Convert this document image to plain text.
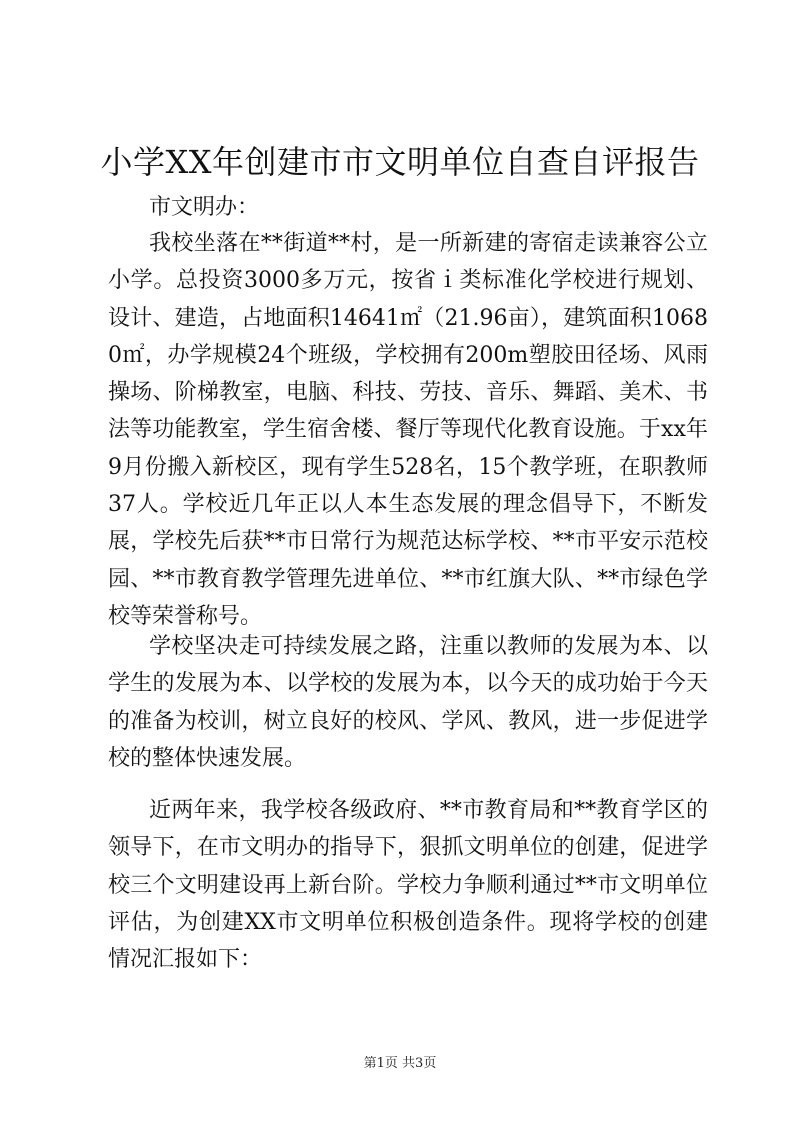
小学XX年创建市市文明单位自查自评报告

市文明办：

我校坐落在**街道**村，是一所新建的寄宿走读兼容公立小学。总投资3000多万元，按省ｉ类标准化学校进行规划、设计、建造，占地面积14641㎡（21.96亩），建筑面积10680㎡，办学规模24个班级，学校拥有200m塑胶田径场、风雨操场、阶梯教室，电脑、科技、劳技、音乐、舞蹈、美术、书法等功能教室，学生宿舍楼、餐厅等现代化教育设施。于xx年9月份搬入新校区，现有学生528名，15个教学班，在职教师37人。学校近几年正以人本生态发展的理念倡导下，不断发展，学校先后获**市日常行为规范达标学校、**市平安示范校园、**市教育教学管理先进单位、**市红旗大队、**市绿色学校等荣誉称号。

学校坚决走可持续发展之路，注重以教师的发展为本、以学生的发展为本、以学校的发展为本，以今天的成功始于今天的准备为校训，树立良好的校风、学风、教风，进一步促进学校的整体快速发展。

近两年来，我学校各级政府、**市教育局和**教育学区的领导下，在市文明办的指导下，狠抓文明单位的创建，促进学校三个文明建设再上新台阶。学校力争顺利通过**市文明单位评估，为创建XX市文明单位积极创造条件。现将学校的创建情况汇报如下：

第1页 共3页
